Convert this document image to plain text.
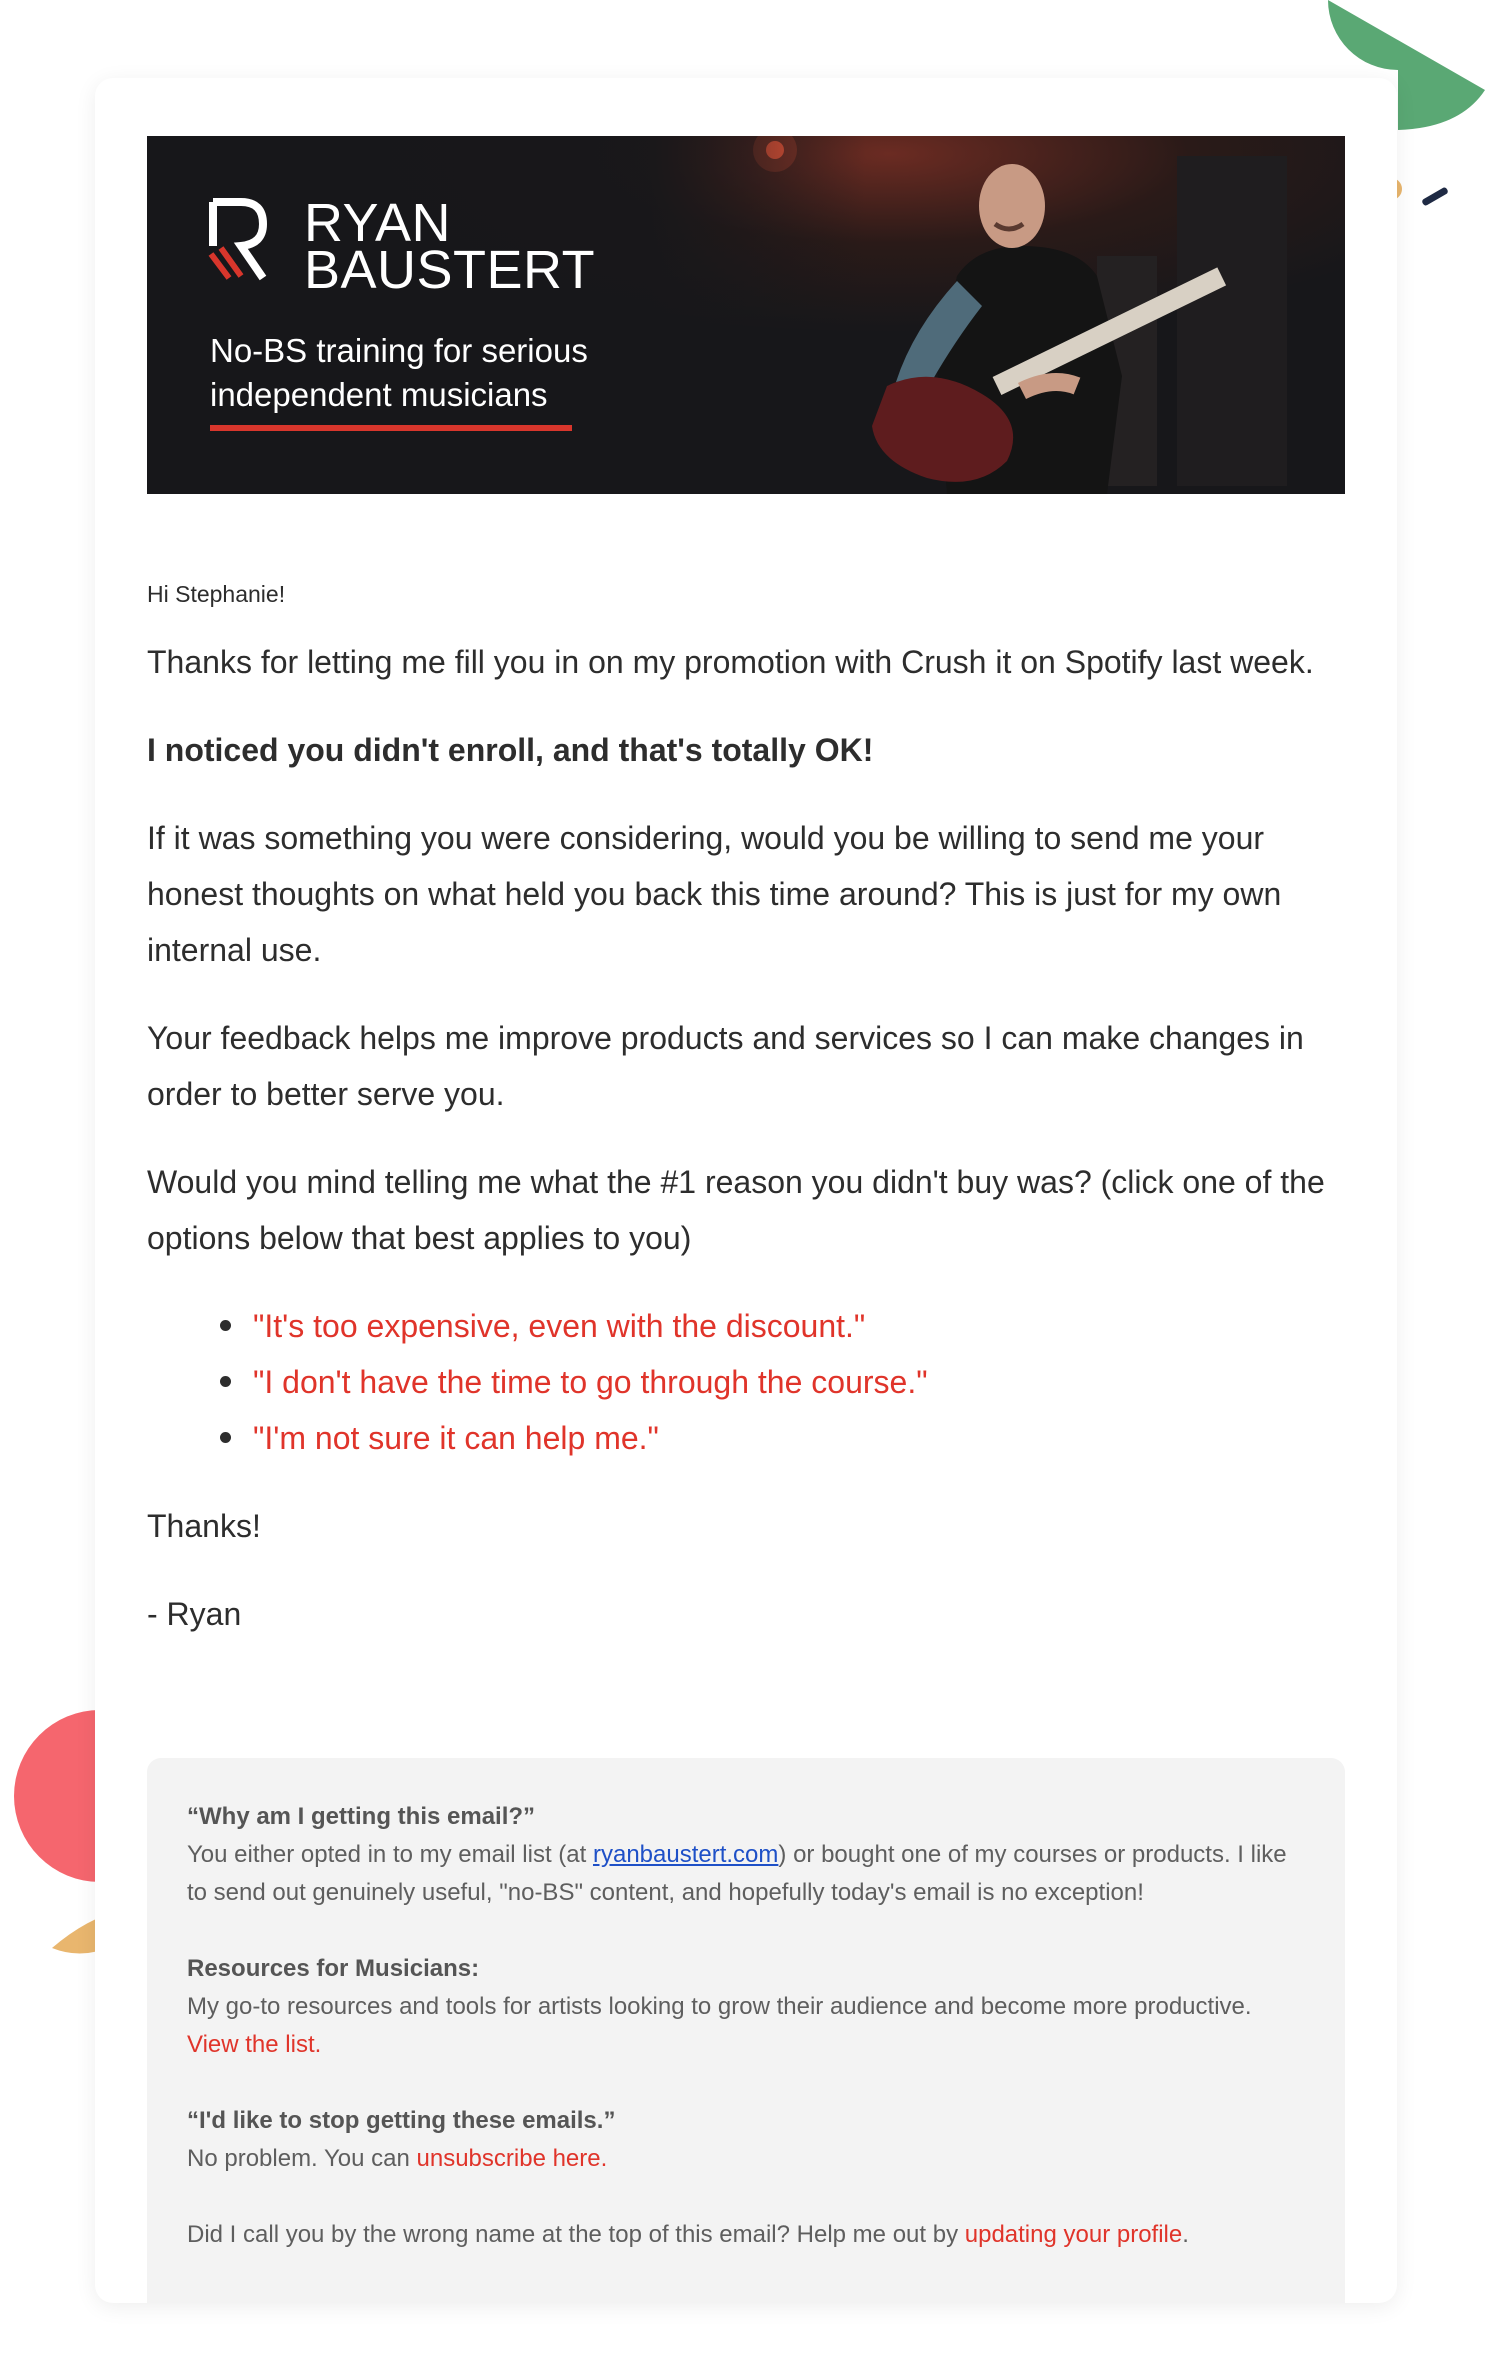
RYAN
BAUSTERT
No-BS training for serious
independent musicians

Hi Stephanie!

Thanks for letting me fill you in on my promotion with Crush it on Spotify last week.

I noticed you didn't enroll, and that's totally OK!

If it was something you were considering, would you be willing to send me your honest thoughts on what held you back this time around? This is just for my own internal use.

Your feedback helps me improve products and services so I can make changes in order to better serve you.

Would you mind telling me what the #1 reason you didn't buy was? (click one of the options below that best applies to you)

"It's too expensive, even with the discount."
"I don't have the time to go through the course."
"I'm not sure it can help me."

Thanks!

- Ryan

“Why am I getting this email?”
You either opted in to my email list (at ryanbaustert.com) or bought one of my courses or products. I like to send out genuinely useful, "no-BS" content, and hopefully today's email is no exception!
Resources for Musicians:
My go-to resources and tools for artists looking to grow their audience and become more productive. View the list.
“I'd like to stop getting these emails.”
No problem. You can unsubscribe here.
Did I call you by the wrong name at the top of this email? Help me out by updating your profile.
